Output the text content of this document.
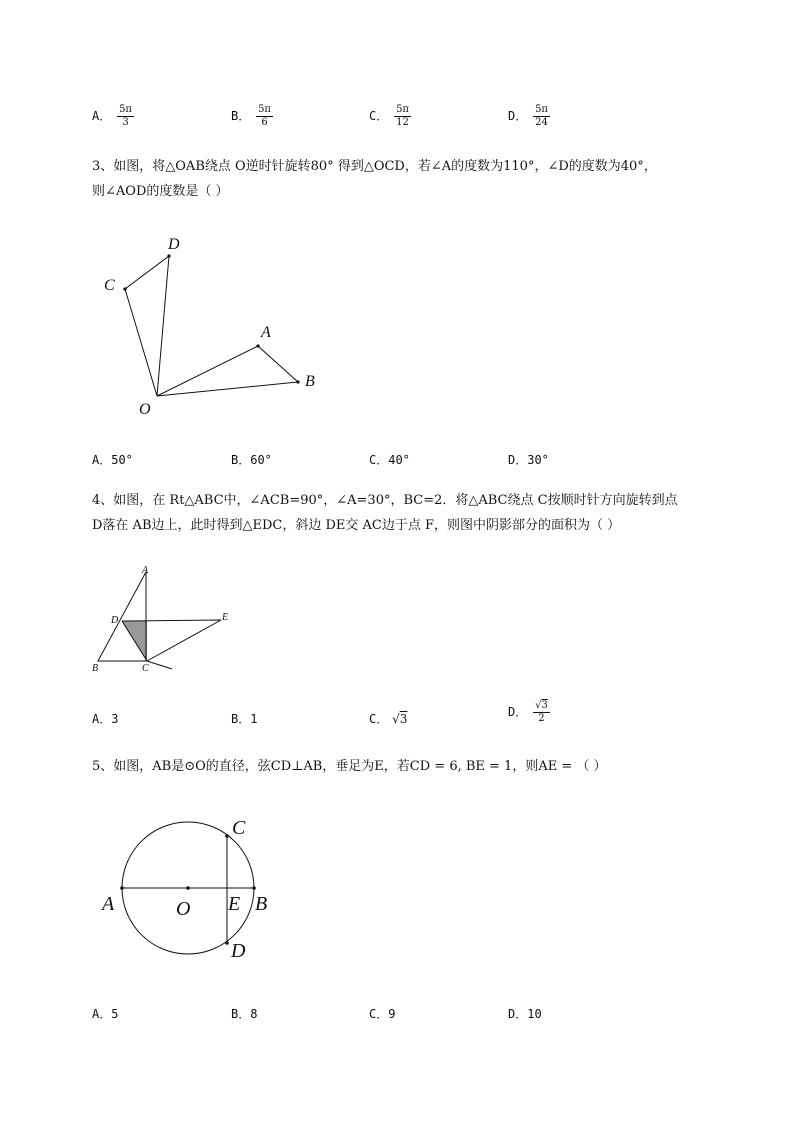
A． $\frac{5\pi}{3}$	B． $\frac{5\pi}{6}$	C． $\frac{5\pi}{12}$	D． $\frac{5\pi}{24}$
3、如图，将△OAB绕点 O逆时针旋转80° 得到△OCD，若∠A的度数为110°，∠D的度数为40°，
则∠AOD的度数是（ ）
C
D
A
B
O
A．50°	B．60°	C．40°	D．30°
4、如图，在 Rt△ABC中，∠ACB=90°，∠A=30°，BC=2．将△ABC绕点 C按顺时针方向旋转到点
D落在 AB边上，此时得到△EDC，斜边 DE交 AC边于点 F，则图中阴影部分的面积为（ ）
A
D	E
B	C
A．3	B．1	C． √3	D． $\frac{√3}{2}$
5、如图，AB是⊙O的直径，弦CD⊥AB，垂足为E，若CD = 6, BE = 1，则AE = （ ）
C
A	O E B
D
A．5	B．8	C．9	D．10
